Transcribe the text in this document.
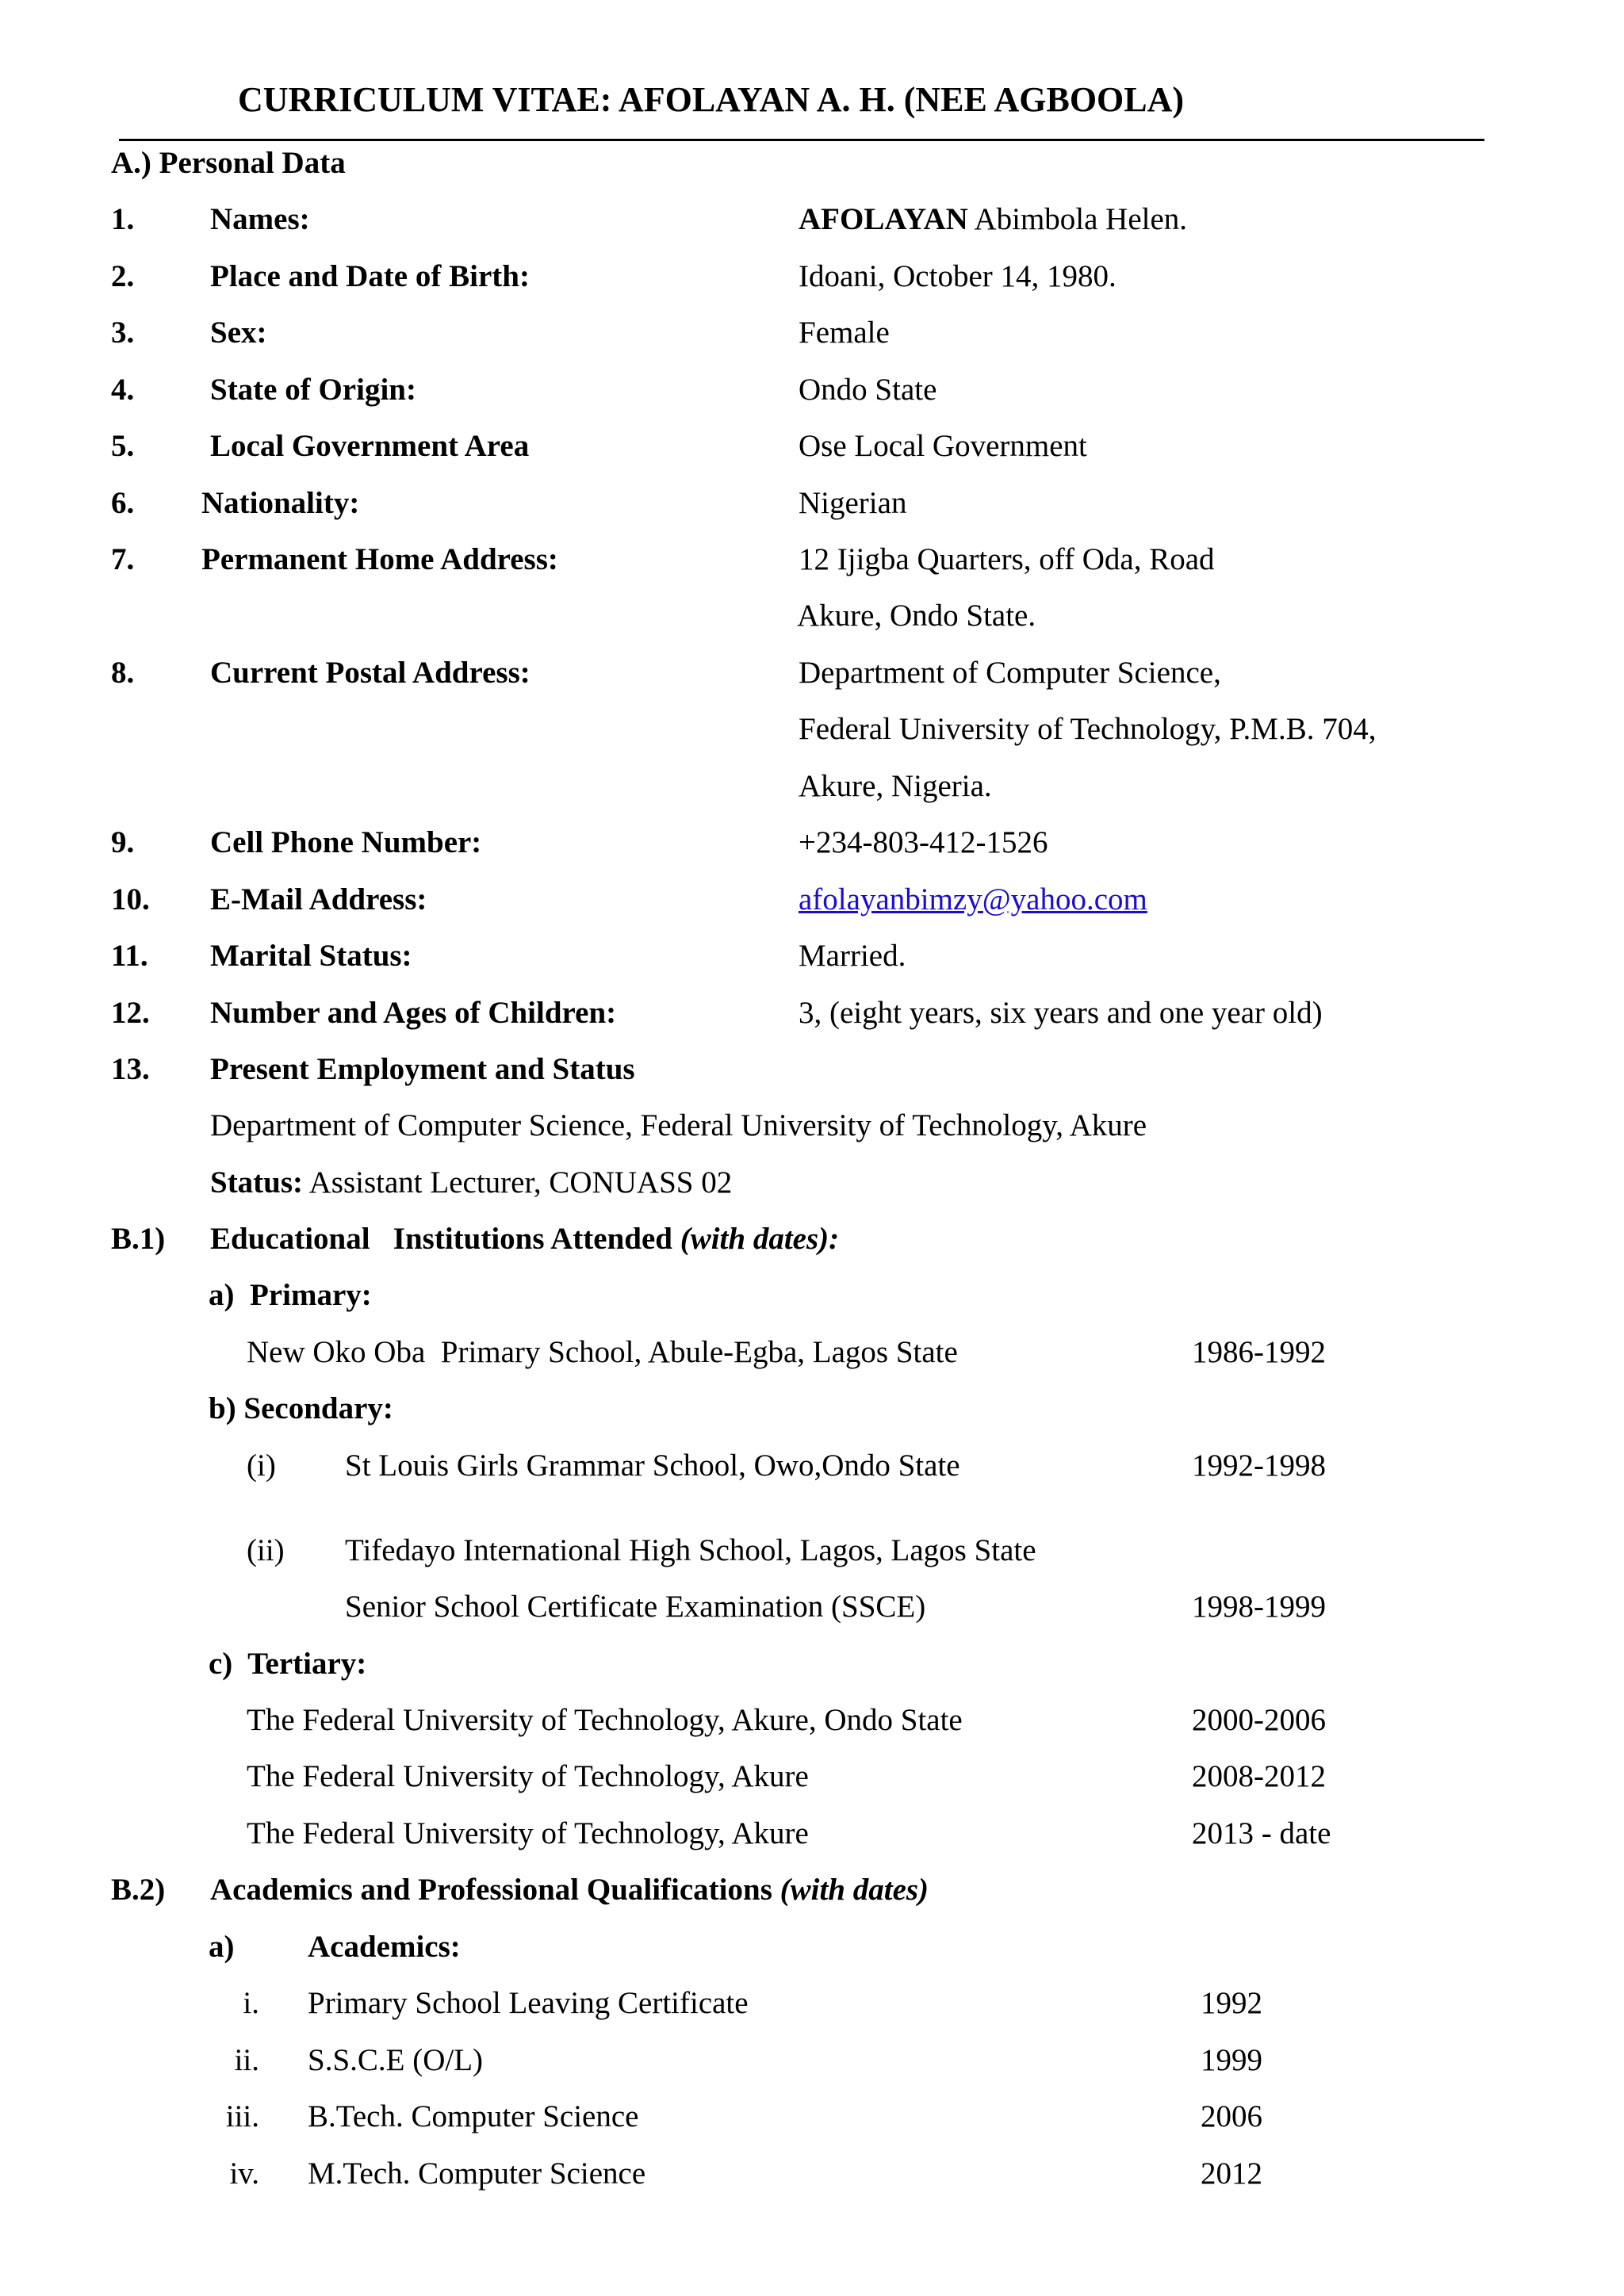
CURRICULUM VITAE: AFOLAYAN A. H. (NEE AGBOOLA)
A.) Personal Data
1. Names:	AFOLAYAN Abimbola Helen.
2. Place and Date of Birth:	Idoani, October 14, 1980.
3. Sex:	Female
4. State of Origin:	Ondo State
5. Local Government Area	Ose Local Government
6. Nationality:	Nigerian
7. Permanent Home Address:	12 Ijigba Quarters, off Oda, Road
Akure, Ondo State.
8. Current Postal Address:	Department of Computer Science,
Federal University of Technology, P.M.B. 704,
Akure, Nigeria.
9. Cell Phone Number:	+234-803-412-1526
10. E-Mail Address:	afolayanbimzy@yahoo.com
11. Marital Status:	Married.
12. Number and Ages of Children:	3, (eight years, six years and one year old)
13. Present Employment and Status
Department of Computer Science, Federal University of Technology, Akure
Status: Assistant Lecturer, CONUASS 02
B.1) Educational   Institutions Attended (with dates):
a)  Primary:
New Oko Oba  Primary School, Abule-Egba, Lagos State	1986-1992
b) Secondary:
(i) St Louis Girls Grammar School, Owo,Ondo State	1992-1998
(ii) Tifedayo International High School, Lagos, Lagos State
Senior School Certificate Examination (SSCE)	1998-1999
c)  Tertiary:
The Federal University of Technology, Akure, Ondo State	2000-2006
The Federal University of Technology, Akure	2008-2012
The Federal University of Technology, Akure	2013 - date
B.2) Academics and Professional Qualifications (with dates)
a) Academics:
i. Primary School Leaving Certificate	1992
ii. S.S.C.E (O/L)	1999
iii. B.Tech. Computer Science	2006
iv. M.Tech. Computer Science	2012
